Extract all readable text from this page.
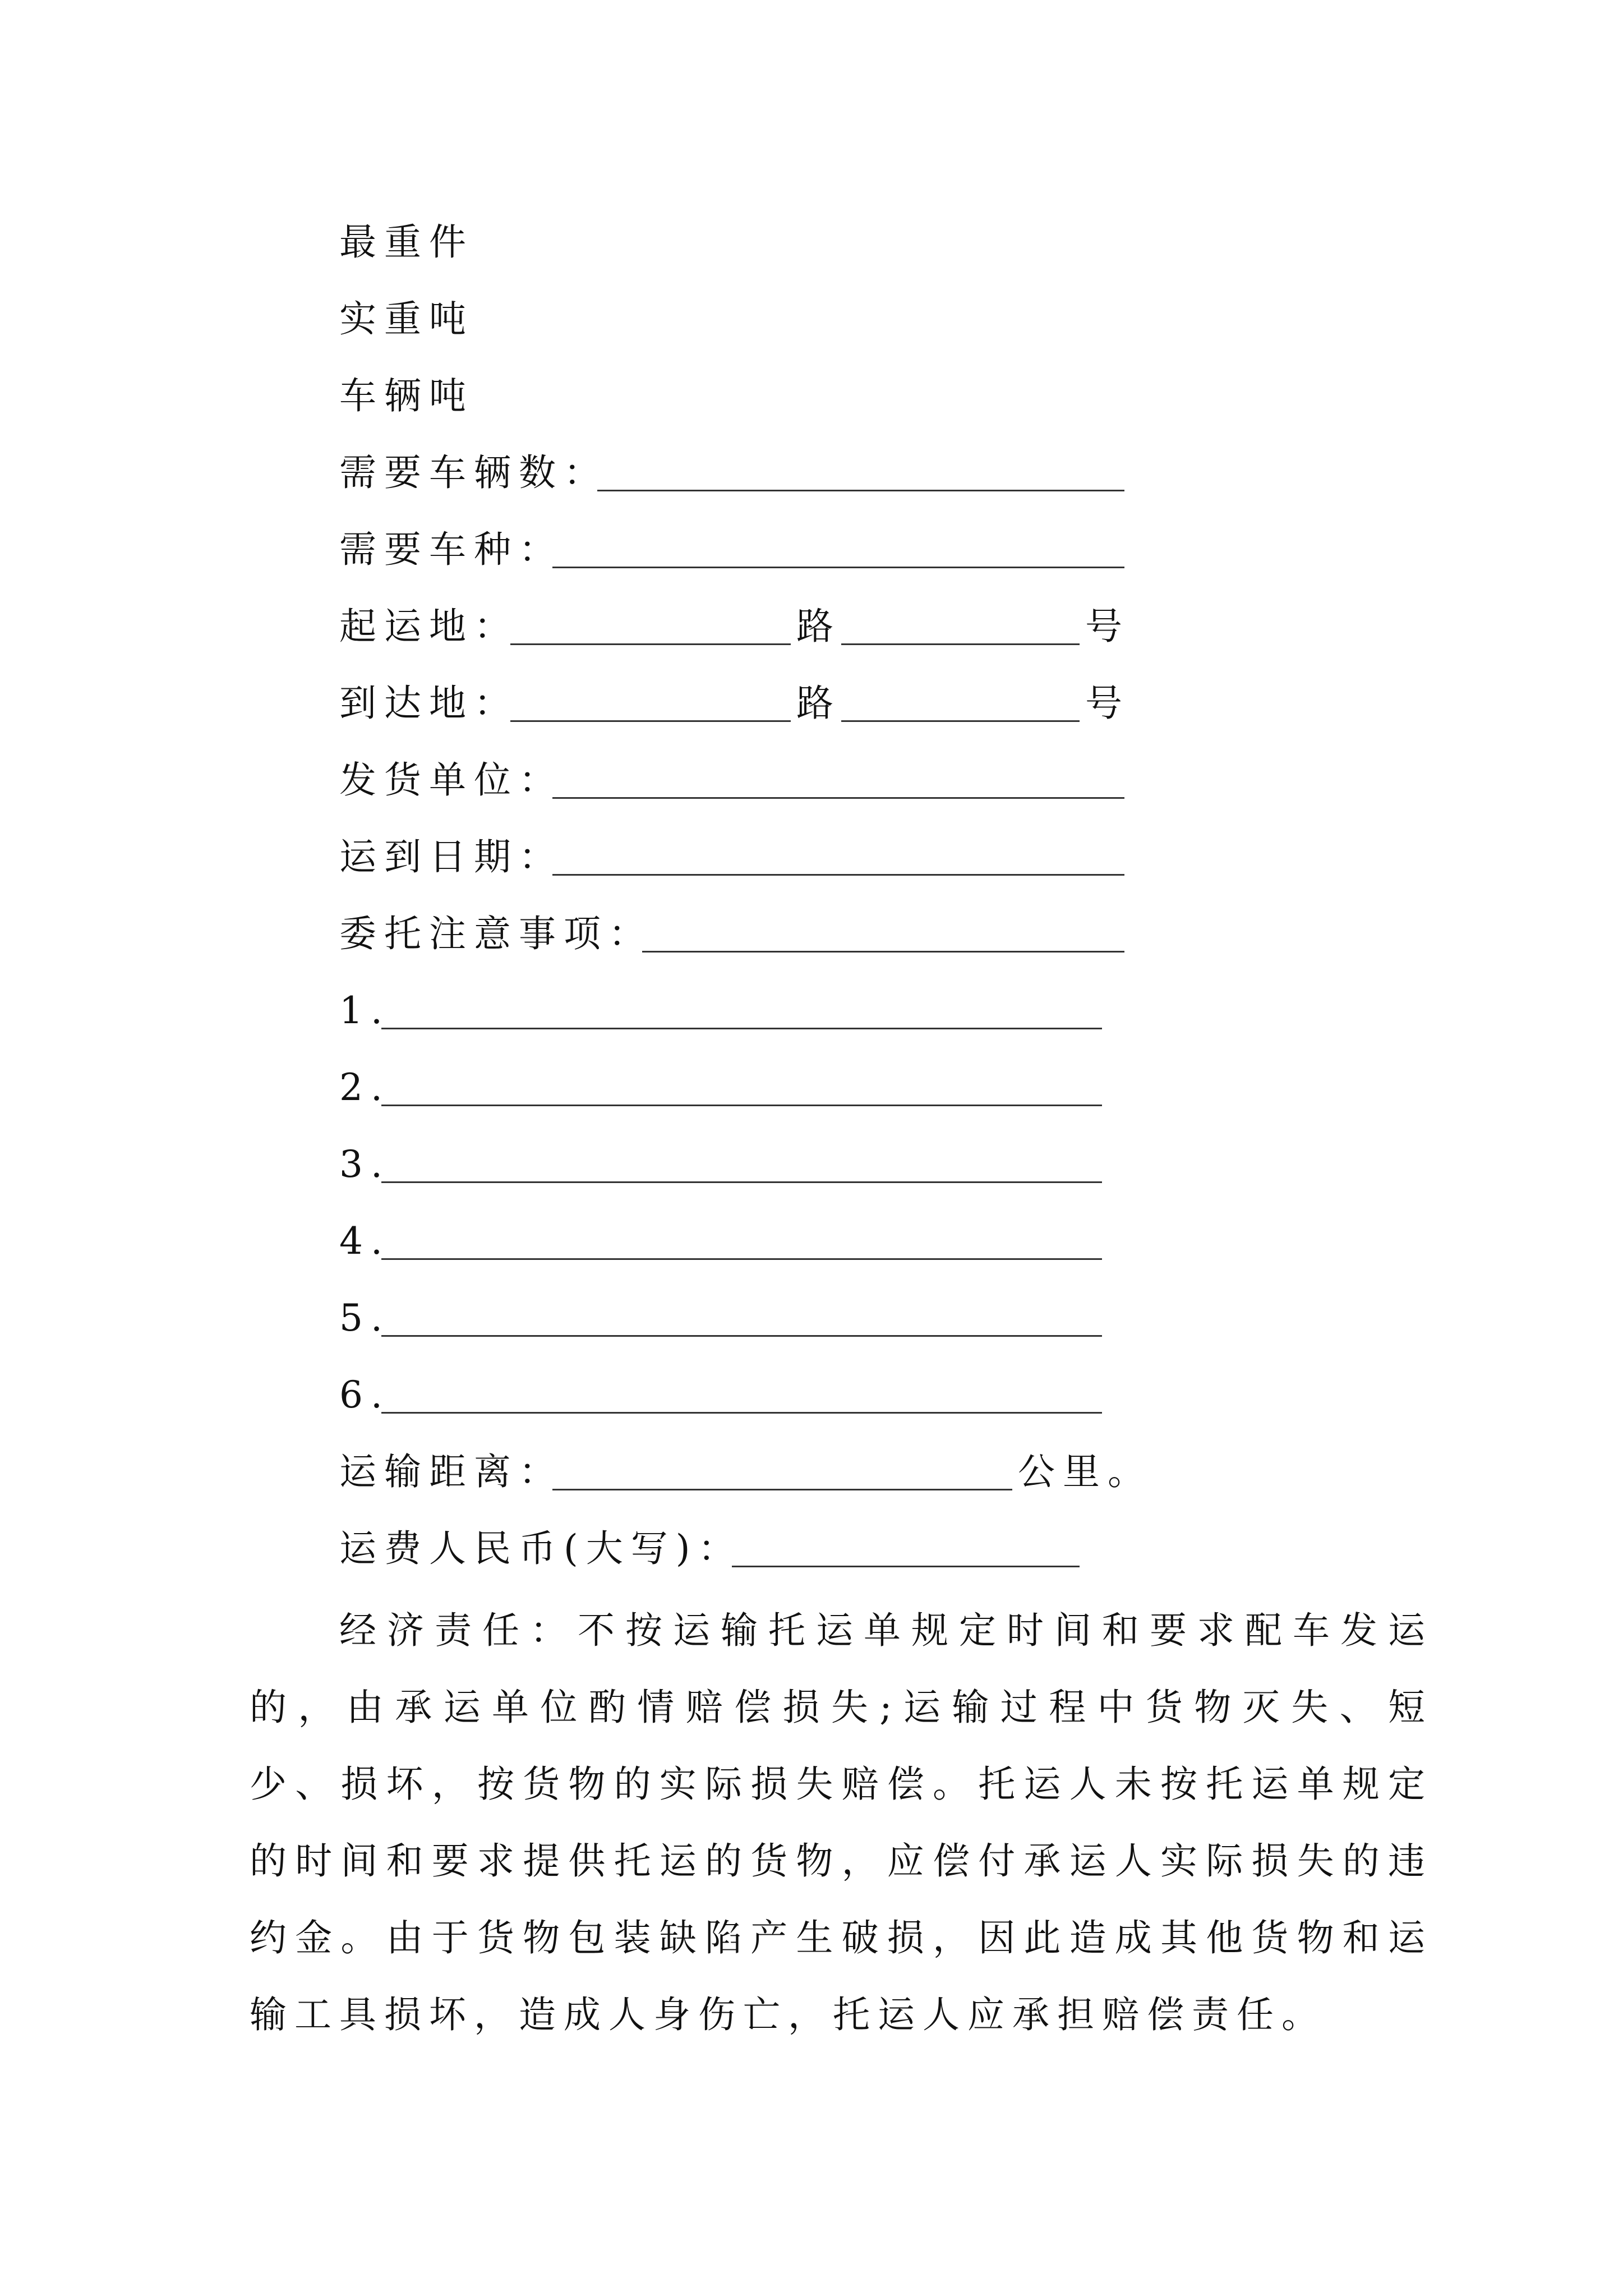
最重件
实重吨
车辆吨
需要车辆数：
需要车种：
起运地：	路	号
到达地：	路	号
发货单位：
运到日期：
委托注意事项：
1.
2.
3.
4.
5.
6.
运输距离：	公里。
运费人民币(大写)：
经济责任：不按运输托运单规定时间和要求配车发运的，由承运单位酌情赔偿损失;运输过程中货物灭失、短少、损坏，按货物的实际损失赔偿。托运人未按托运单规定的时间和要求提供托运的货物，应偿付承运人实际损失的违约金。由于货物包装缺陷产生破损，因此造成其他货物和运输工具损坏，造成人身伤亡，托运人应承担赔偿责任。
